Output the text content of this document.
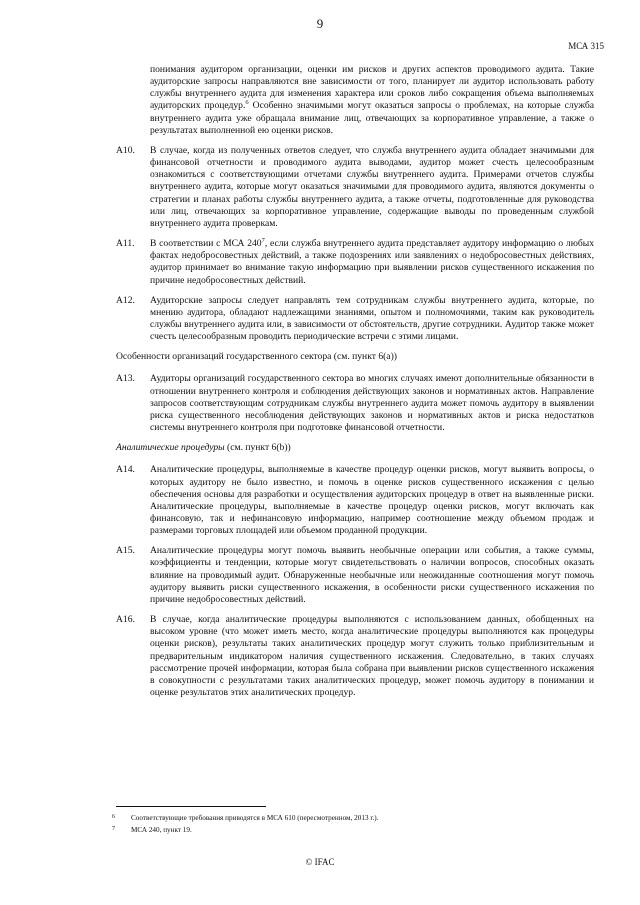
9
МСА 315

понимания аудитором организации, оценки им рисков и других аспектов проводимого аудита. Такие аудиторские запросы направляются вне зависимости от того, планирует ли аудитор использовать работу службы внутреннего аудита для изменения характера или сроков либо сокращения объема выполняемых аудиторских процедур.$^6$ Особенно значимыми могут оказаться запросы о проблемах, на которые служба внутреннего аудита уже обращала внимание лиц, отвечающих за корпоративное управление, а также о результатах выполненной ею оценки рисков.

A10. В случае, когда из полученных ответов следует, что служба внутреннего аудита обладает значимыми для финансовой отчетности и проводимого аудита выводами, аудитор может счесть целесообразным ознакомиться с соответствующими отчетами службы внутреннего аудита. Примерами отчетов службы внутреннего аудита, которые могут оказаться значимыми для проводимого аудита, являются документы о стратегии и планах работы службы внутреннего аудита, а также отчеты, подготовленные для руководства или лиц, отвечающих за корпоративное управление, содержащие выводы по проведенным службой внутреннего аудита проверкам.

A11. В соответствии с МСА $240^7$, если служба внутреннего аудита представляет аудитору информацию о любых фактах недобросовестных действий, а также подозрениях или заявлениях о недобросовестных действиях, аудитор принимает во внимание такую информацию при выявлении рисков существенного искажения по причине недобросовестных действий.

A12. Аудиторские запросы следует направлять тем сотрудникам службы внутреннего аудита, которые, по мнению аудитора, обладают надлежащими знаниями, опытом и полномочиями, таким как руководитель службы внутреннего аудита или, в зависимости от обстоятельств, другие сотрудники. Аудитор также может счесть целесообразным проводить периодические встречи с этими лицами.

Особенности организаций государственного сектора (см. пункт 6(a))

A13. Аудиторы организаций государственного сектора во многих случаях имеют дополнительные обязанности в отношении внутреннего контроля и соблюдения действующих законов и нормативных актов. Направление запросов соответствующим сотрудникам службы внутреннего аудита может помочь аудитору в выявлении риска существенного несоблюдения действующих законов и нормативных актов и риска недостатков системы внутреннего контроля при подготовке финансовой отчетности.

Аналитические процедуры (см. пункт 6(b))

A14. Аналитические процедуры, выполняемые в качестве процедур оценки рисков, могут выявить вопросы, о которых аудитору не было известно, и помочь в оценке рисков существенного искажения с целью обеспечения основы для разработки и осуществления аудиторских процедур в ответ на выявленные риски. Аналитические процедуры, выполняемые в качестве процедур оценки рисков, могут включать как финансовую, так и нефинансовую информацию, например соотношение между объемом продаж и размерами торговых площадей или объемом проданной продукции.

A15. Аналитические процедуры могут помочь выявить необычные операции или события, а также суммы, коэффициенты и тенденции, которые могут свидетельствовать о наличии вопросов, способных оказать влияние на проводимый аудит. Обнаруженные необычные или неожиданные соотношения могут помочь аудитору выявить риски существенного искажения, в особенности риски существенного искажения по причине недобросовестных действий.

A16. В случае, когда аналитические процедуры выполняются с использованием данных, обобщенных на высоком уровне (что может иметь место, когда аналитические процедуры выполняются как процедуры оценки рисков), результаты таких аналитических процедур могут служить только приблизительным и предварительным индикатором наличия существенного искажения. Следовательно, в таких случаях рассмотрение прочей информации, которая была собрана при выявлении рисков существенного искажения в совокупности с результатами таких аналитических процедур, может помочь аудитору в понимании и оценке результатов этих аналитических процедур.

6 Соответствующие требования приводятся в МСА 610 (пересмотренном, 2013 г.).
7 МСА 240, пункт 19.
© IFAC
